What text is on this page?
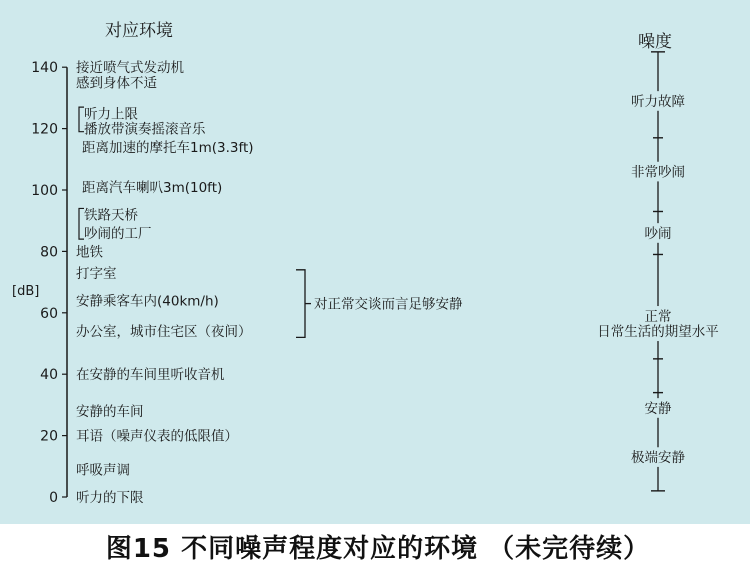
对应环境
噪度
[dB]
140
120
100
80
60
40
20
0
接近喷气式发动机
感到身体不适
听力上限
播放带演奏摇滚音乐
距离加速的摩托车1m(3.3ft)
距离汽车喇叭3m(10ft)
铁路天桥
吵闹的工厂
地铁
打字室
安静乘客车内(40km/h)
办公室，城市住宅区（夜间）
在安静的车间里听收音机
安静的车间
耳语（噪声仪表的低限值）
呼吸声调
听力的下限
对正常交谈而言足够安静
听力故障
非常吵闹
吵闹
正常
日常生活的期望水平
安静
极端安静
图15 不同噪声程度对应的环境 （未完待续）
